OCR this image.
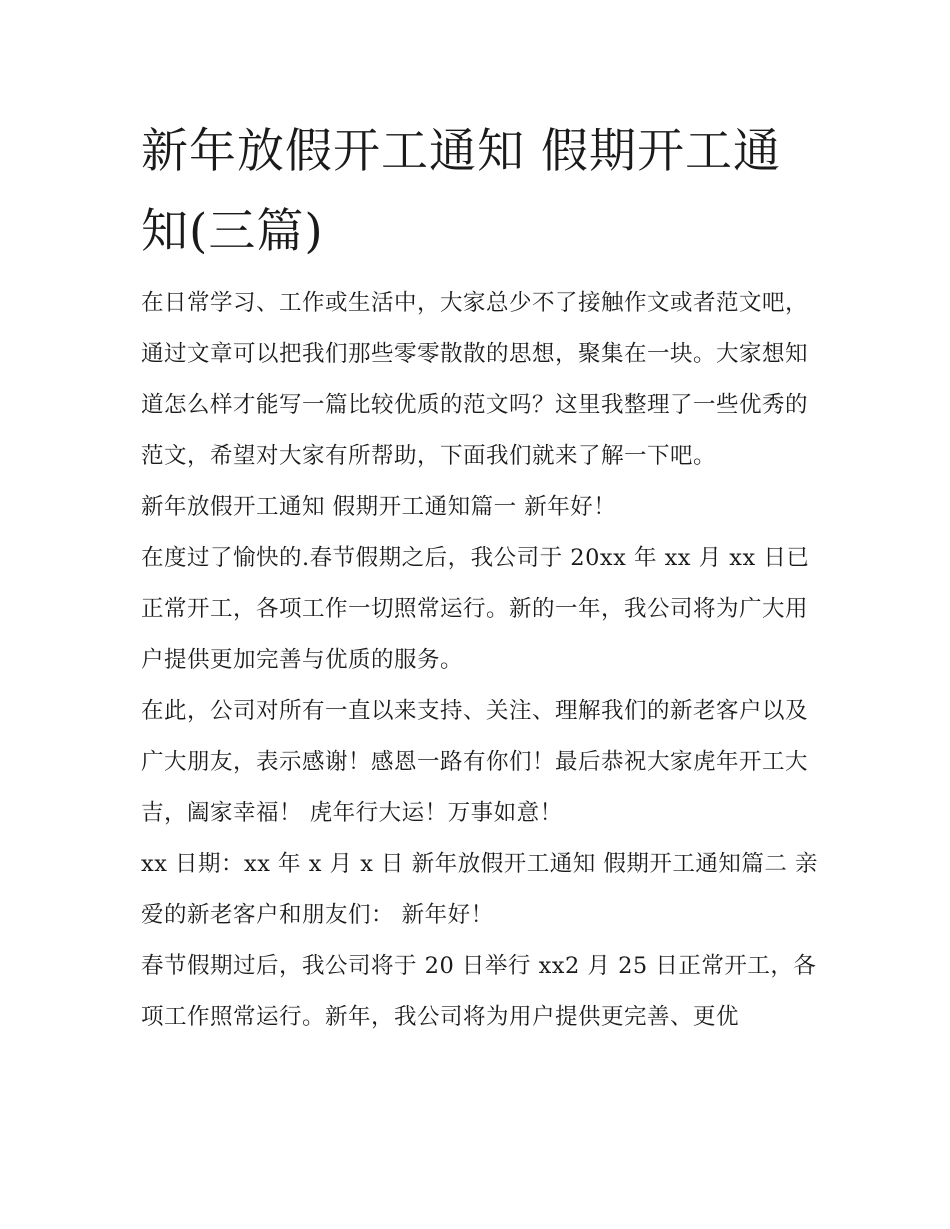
新年放假开工通知 假期开工通知(三篇)

在日常学习、工作或生活中，大家总少不了接触作文或者范文吧，通过文章可以把我们那些零零散散的思想，聚集在一块。大家想知道怎么样才能写一篇比较优质的范文吗？这里我整理了一些优秀的范文，希望对大家有所帮助，下面我们就来了解一下吧。

新年放假开工通知 假期开工通知篇一 新年好！

在度过了愉快的.春节假期之后，我公司于 20xx 年 xx 月 xx 日已正常开工，各项工作一切照常运行。新的一年，我公司将为广大用户提供更加完善与优质的服务。

在此，公司对所有一直以来支持、关注、理解我们的新老客户以及广大朋友，表示感谢！感恩一路有你们！最后恭祝大家虎年开工大吉，阖家幸福！ 虎年行大运！万事如意！

xx 日期：xx 年 x 月 x 日 新年放假开工通知 假期开工通知篇二 亲爱的新老客户和朋友们： 新年好！

春节假期过后，我公司将于 20 日举行 xx2 月 25 日正常开工，各项工作照常运行。新年，我公司将为用户提供更完善、更优
